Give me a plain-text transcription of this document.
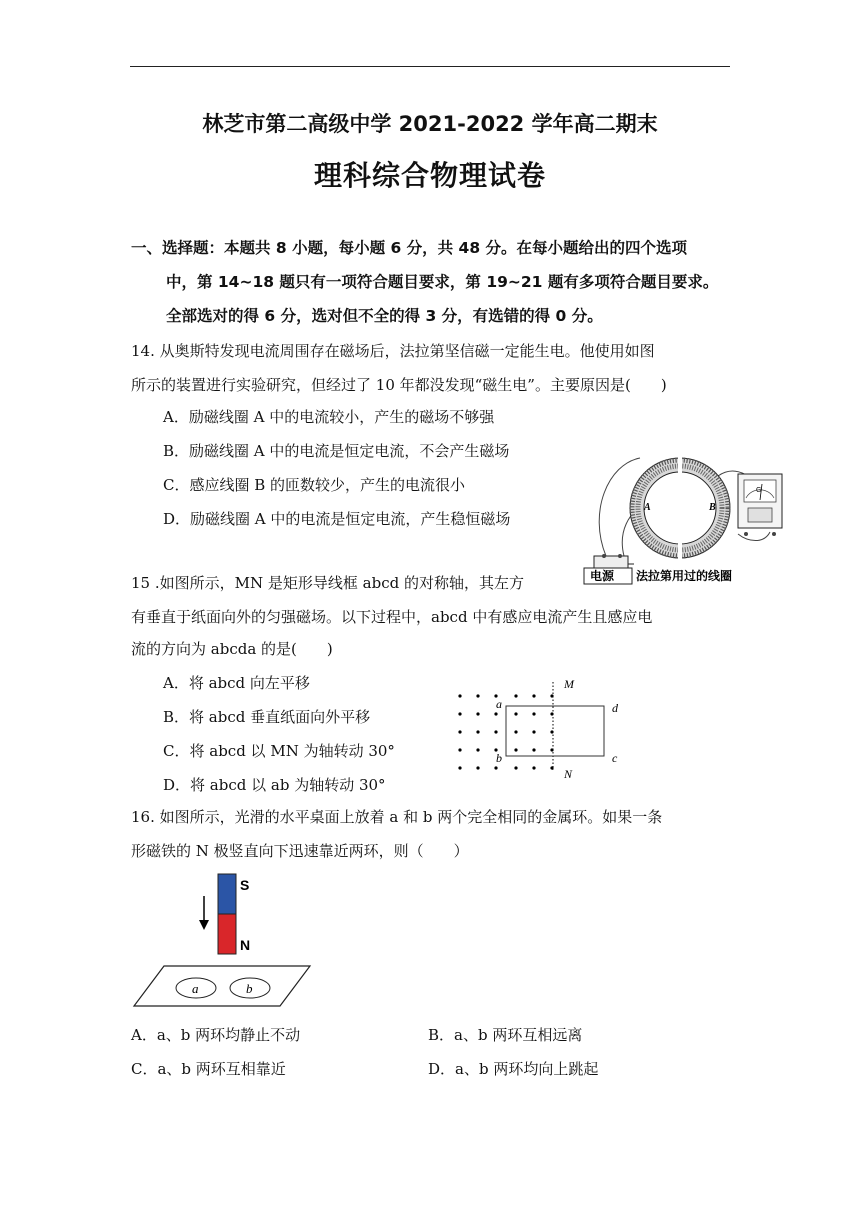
林芝市第二高级中学 2021-2022 学年高二期末
理科综合物理试卷
一、选择题：本题共 8 小题，每小题 6 分，共 48 分。在每小题给出的四个选项
中，第 14~18 题只有一项符合题目要求，第 19~21 题有多项符合题目要求。
全部选对的得 6 分，选对但不全的得 3 分，有选错的得 0 分。
14. 从奥斯特发现电流周围存在磁场后，法拉第坚信磁一定能生电。他使用如图
所示的装置进行实验研究，但经过了 10 年都没发现“磁生电”。主要原因是(　　)
A．励磁线圈 A 中的电流较小，产生的磁场不够强
B．励磁线圈 A 中的电流是恒定电流，不会产生磁场
C．感应线圈 B 的匝数较少，产生的电流很小
D．励磁线圈 A 中的电流是恒定电流，产生稳恒磁场
A	B
G
电源 法拉第用过的线圈
15 .如图所示，MN 是矩形导线框 abcd 的对称轴，其左方
有垂直于纸面向外的匀强磁场。以下过程中，abcd 中有感应电流产生且感应电
流的方向为 abcda 的是(　　)
A．将 abcd 向左平移
B．将 abcd 垂直纸面向外平移
C．将 abcd 以 MN 为轴转动 30°
D．将 abcd 以 ab 为轴转动 30°
M
N
a
b	c
d
16. 如图所示，光滑的水平桌面上放着 a 和 b 两个完全相同的金属环。如果一条
形磁铁的 N 极竖直向下迅速靠近两环，则（　　）
S
N
a	b
A．a、b 两环均静止不动	B．a、b 两环互相远离
C．a、b 两环互相靠近	D．a、b 两环均向上跳起
